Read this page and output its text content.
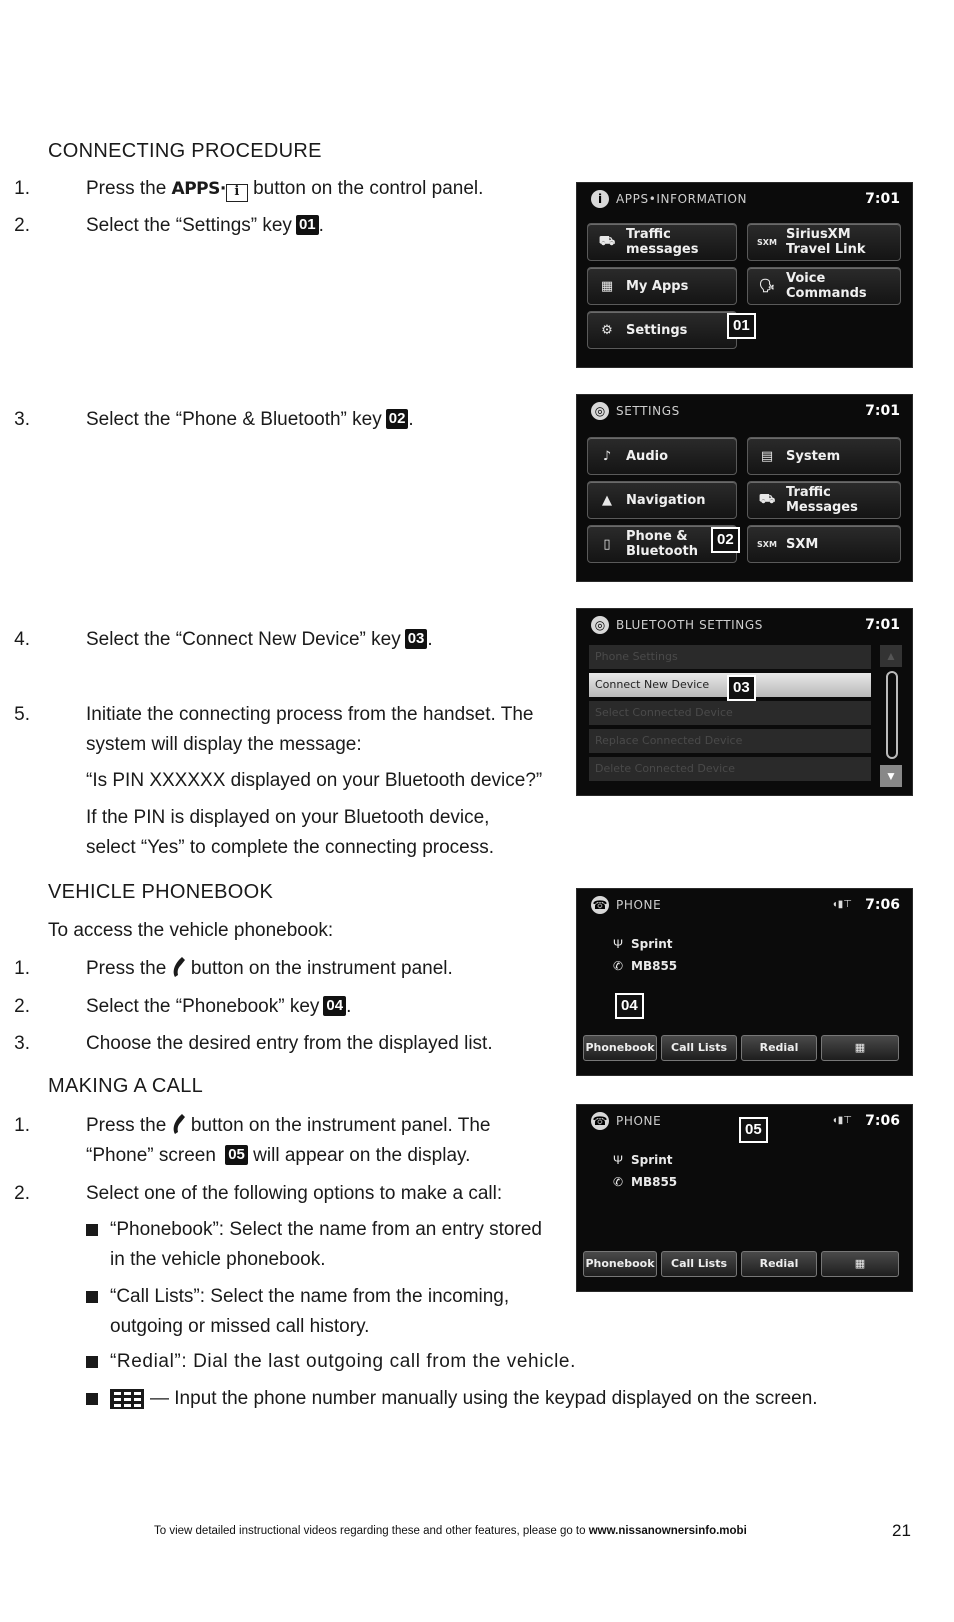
CONNECTING PROCEDURE
1.	Press the APPS· i button on the control panel.
2.	Select the “Settings” key 01 .
3.	Select the “Phone & Bluetooth” key 02 .
4.	Select the “Connect New Device” key 03 .
5.	Initiate the connecting process from the handset. The
system will display the message:
“Is PIN XXXXXX displayed on your Bluetooth device?”
If the PIN is displayed on your Bluetooth device,
select “Yes” to complete the connecting process.
VEHICLE PHONEBOOK
To access the vehicle phonebook:
1.	Press the button on the instrument panel.
2.	Select the “Phonebook” key 04 .
3.	Choose the desired entry from the displayed list.
MAKING A CALL
1.	Press the button on the instrument panel. The
“Phone” screen 05 will appear on the display.
2.	Select one of the following options to make a call:
“Phonebook”: Select the name from an entry stored
in the vehicle phonebook.
“Call Lists”: Select the name from the incoming,
outgoing or missed call history.
“Redial”: Dial the last outgoing call from the vehicle.
— Input the phone number manually using the keypad displayed on the screen.
i	APPS•INFORMATION	7:01
⛟ Traffic
messages	SXM SiriusXM
Travel Link
▦ My Apps	🗣 Voice
Commands
⚙	Settings	01
◎ SETTINGS	7:01
♪	Audio	▤ System
▲	Navigation	⛟ Traffic
Messages
▯	Phone &
Bluetooth	SXM SXM
02
◎ BLUETOOTH SETTINGS	7:01
Phone Settings
Connect New Device
Select Connected Device
Replace Connected Device
Delete Connected Device
▲
▼
03
☎ PHONE	◖▮⊤ 7:06
Ψ Sprint
✆ MB855
04
Phonebook	Call Lists	Redial	▦
☎ PHONE	◖▮⊤ 7:06
Ψ Sprint
✆ MB855
05
Phonebook	Call Lists	Redial	▦
To view detailed instructional videos regarding these and other features, please go to www.nissanownersinfo.mobi	21
